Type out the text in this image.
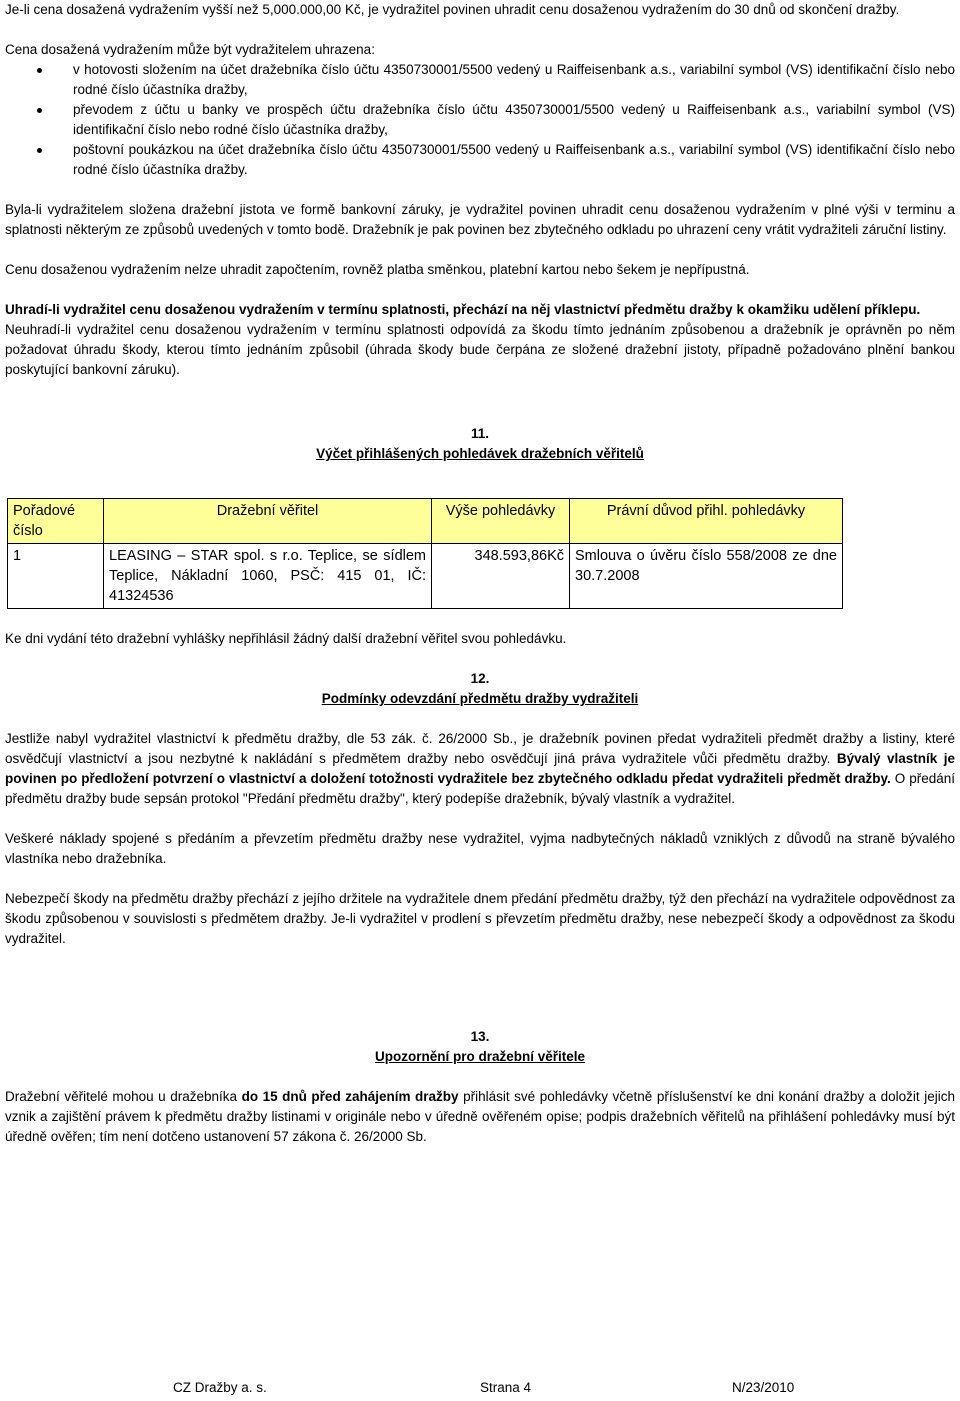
Je-li cena dosažená vydražením vyšší než 5,000.000,00 Kč, je vydražitel povinen uhradit cenu dosaženou vydražením do 30 dnů od skončení dražby.

Cena dosažená vydražením může být vydražitelem uhrazena:

v hotovosti složením na účet dražebníka číslo účtu 4350730001/5500 vedený u Raiffeisenbank a.s., variabilní symbol (VS) identifikační číslo nebo rodné číslo účastníka dražby,
převodem z účtu u banky ve prospěch účtu dražebníka číslo účtu 4350730001/5500 vedený u Raiffeisenbank a.s., variabilní symbol (VS) identifikační číslo nebo rodné číslo účastníka dražby,
poštovní poukázkou na účet dražebníka číslo účtu 4350730001/5500 vedený u Raiffeisenbank a.s., variabilní symbol (VS) identifikační číslo nebo rodné číslo účastníka dražby.

Byla-li vydražitelem složena dražební jistota ve formě bankovní záruky, je vydražitel povinen uhradit cenu dosaženou vydražením v plné výši v terminu a splatnosti některým ze způsobů uvedených v tomto bodě. Dražebník je pak povinen bez zbytečného odkladu po uhrazení ceny vrátit vydražiteli záruční listiny.

Cenu dosaženou vydražením nelze uhradit započtením, rovněž platba směnkou, platební kartou nebo šekem je nepřípustná.

Uhradí-li vydražitel cenu dosaženou vydražením v termínu splatnosti, přechází na něj vlastnictví předmětu dražby k okamžiku udělení příklepu.

Neuhradí-li vydražitel cenu dosaženou vydražením v termínu splatnosti odpovídá za škodu tímto jednáním způsobenou a dražebník je oprávněn po něm požadovat úhradu škody, kterou tímto jednáním způsobil (úhrada škody bude čerpána ze složené dražební jistoty, případně požadováno plnění bankou poskytující bankovní záruku).

11.
Výčet přihlášených pohledávek dražebních věřitelů
Pořadové číslo	Dražební věřitel	Výše pohledávky	Právní důvod přihl. pohledávky
1	LEASING – STAR spol. s r.o. Teplice, se sídlem Teplice, Nákladní 1060, PSČ: 415 01, IČ: 41324536	348.593,86Kč	Smlouva o úvěru číslo 558/2008 ze dne 30.7.2008

Ke dni vydání této dražební vyhlášky nepřihlásil žádný další dražební věřitel svou pohledávku.

12.
Podmínky odevzdání předmětu dražby vydražiteli

Jestliže nabyl vydražitel vlastnictví k předmětu dražby, dle 53 zák. č. 26/2000 Sb., je dražebník povinen předat vydražiteli předmět dražby a listiny, které osvědčují vlastnictví a jsou nezbytné k nakládání s předmětem dražby nebo osvědčují jiná práva vydražitele vůči předmětu dražby. Bývalý vlastník je povinen po předložení potvrzení o vlastnictví a doložení totožnosti vydražitele bez zbytečného odkladu předat vydražiteli předmět dražby. O předání předmětu dražby bude sepsán protokol "Předání předmětu dražby", který podepíše dražebník, bývalý vlastník a vydražitel.

Veškeré náklady spojené s předáním a převzetím předmětu dražby nese vydražitel, vyjma nadbytečných nákladů vzniklých z důvodů na straně bývalého vlastníka nebo dražebníka.

Nebezpečí škody na předmětu dražby přechází z jejího držitele na vydražitele dnem předání předmětu dražby, týž den přechází na vydražitele odpovědnost za škodu způsobenou v souvislosti s předmětem dražby. Je-li vydražitel v prodlení s převzetím předmětu dražby, nese nebezpečí škody a odpovědnost za škodu vydražitel.

13.
Upozornění pro dražební věřitele

Dražební věřitelé mohou u dražebníka do 15 dnů před zahájením dražby přihlásit své pohledávky včetně příslušenství ke dni konání dražby a doložit jejich vznik a zajištění právem k předmětu dražby listinami v originále nebo v úředně ověřeném opise; podpis dražebních věřitelů na přihlášení pohledávky musí být úředně ověřen; tím není dotčeno ustanovení 57 zákona č. 26/2000 Sb.

CZ Dražby a. s.	Strana 4	N/23/2010
